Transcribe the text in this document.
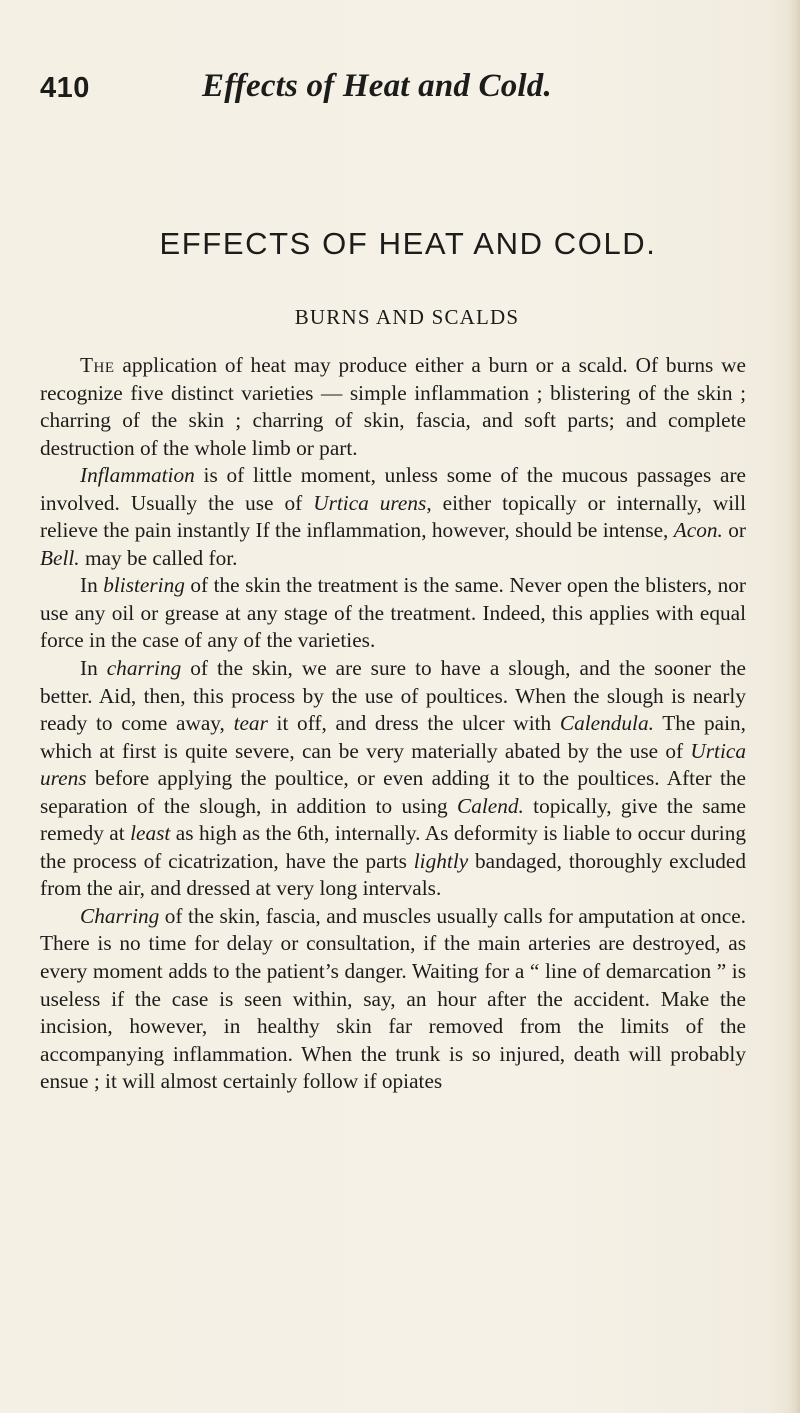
410	Effects of Heat and Cold.
EFFECTS OF HEAT AND COLD.
BURNS AND SCALDS

The application of heat may produce either a burn or a scald. Of burns we recognize five distinct varieties — simple inflammation ; blistering of the skin ; charring of the skin ; charring of skin, fascia, and soft parts; and complete destruction of the whole limb or part.

Inflammation is of little moment, unless some of the mucous passages are involved. Usually the use of Urtica urens, either topically or internally, will relieve the pain instantly If the inflammation, however, should be intense, Acon. or Bell. may be called for.

In blistering of the skin the treatment is the same. Never open the blisters, nor use any oil or grease at any stage of the treatment. Indeed, this applies with equal force in the case of any of the varieties.

In charring of the skin, we are sure to have a slough, and the sooner the better. Aid, then, this process by the use of poultices. When the slough is nearly ready to come away, tear it off, and dress the ulcer with Calendula. The pain, which at first is quite severe, can be very materially abated by the use of Urtica urens before applying the poultice, or even adding it to the poultices. After the separation of the slough, in addition to using Calend. topically, give the same remedy at least as high as the 6th, internally. As deformity is liable to occur during the process of cicatrization, have the parts lightly bandaged, thoroughly excluded from the air, and dressed at very long intervals.

Charring of the skin, fascia, and muscles usually calls for amputation at once. There is no time for delay or consultation, if the main arteries are destroyed, as every moment adds to the patient’s danger. Waiting for a “ line of demarcation ” is useless if the case is seen within, say, an hour after the accident. Make the incision, however, in healthy skin far removed from the limits of the accompanying inflammation. When the trunk is so injured, death will probably ensue ; it will almost certainly follow if opiates
